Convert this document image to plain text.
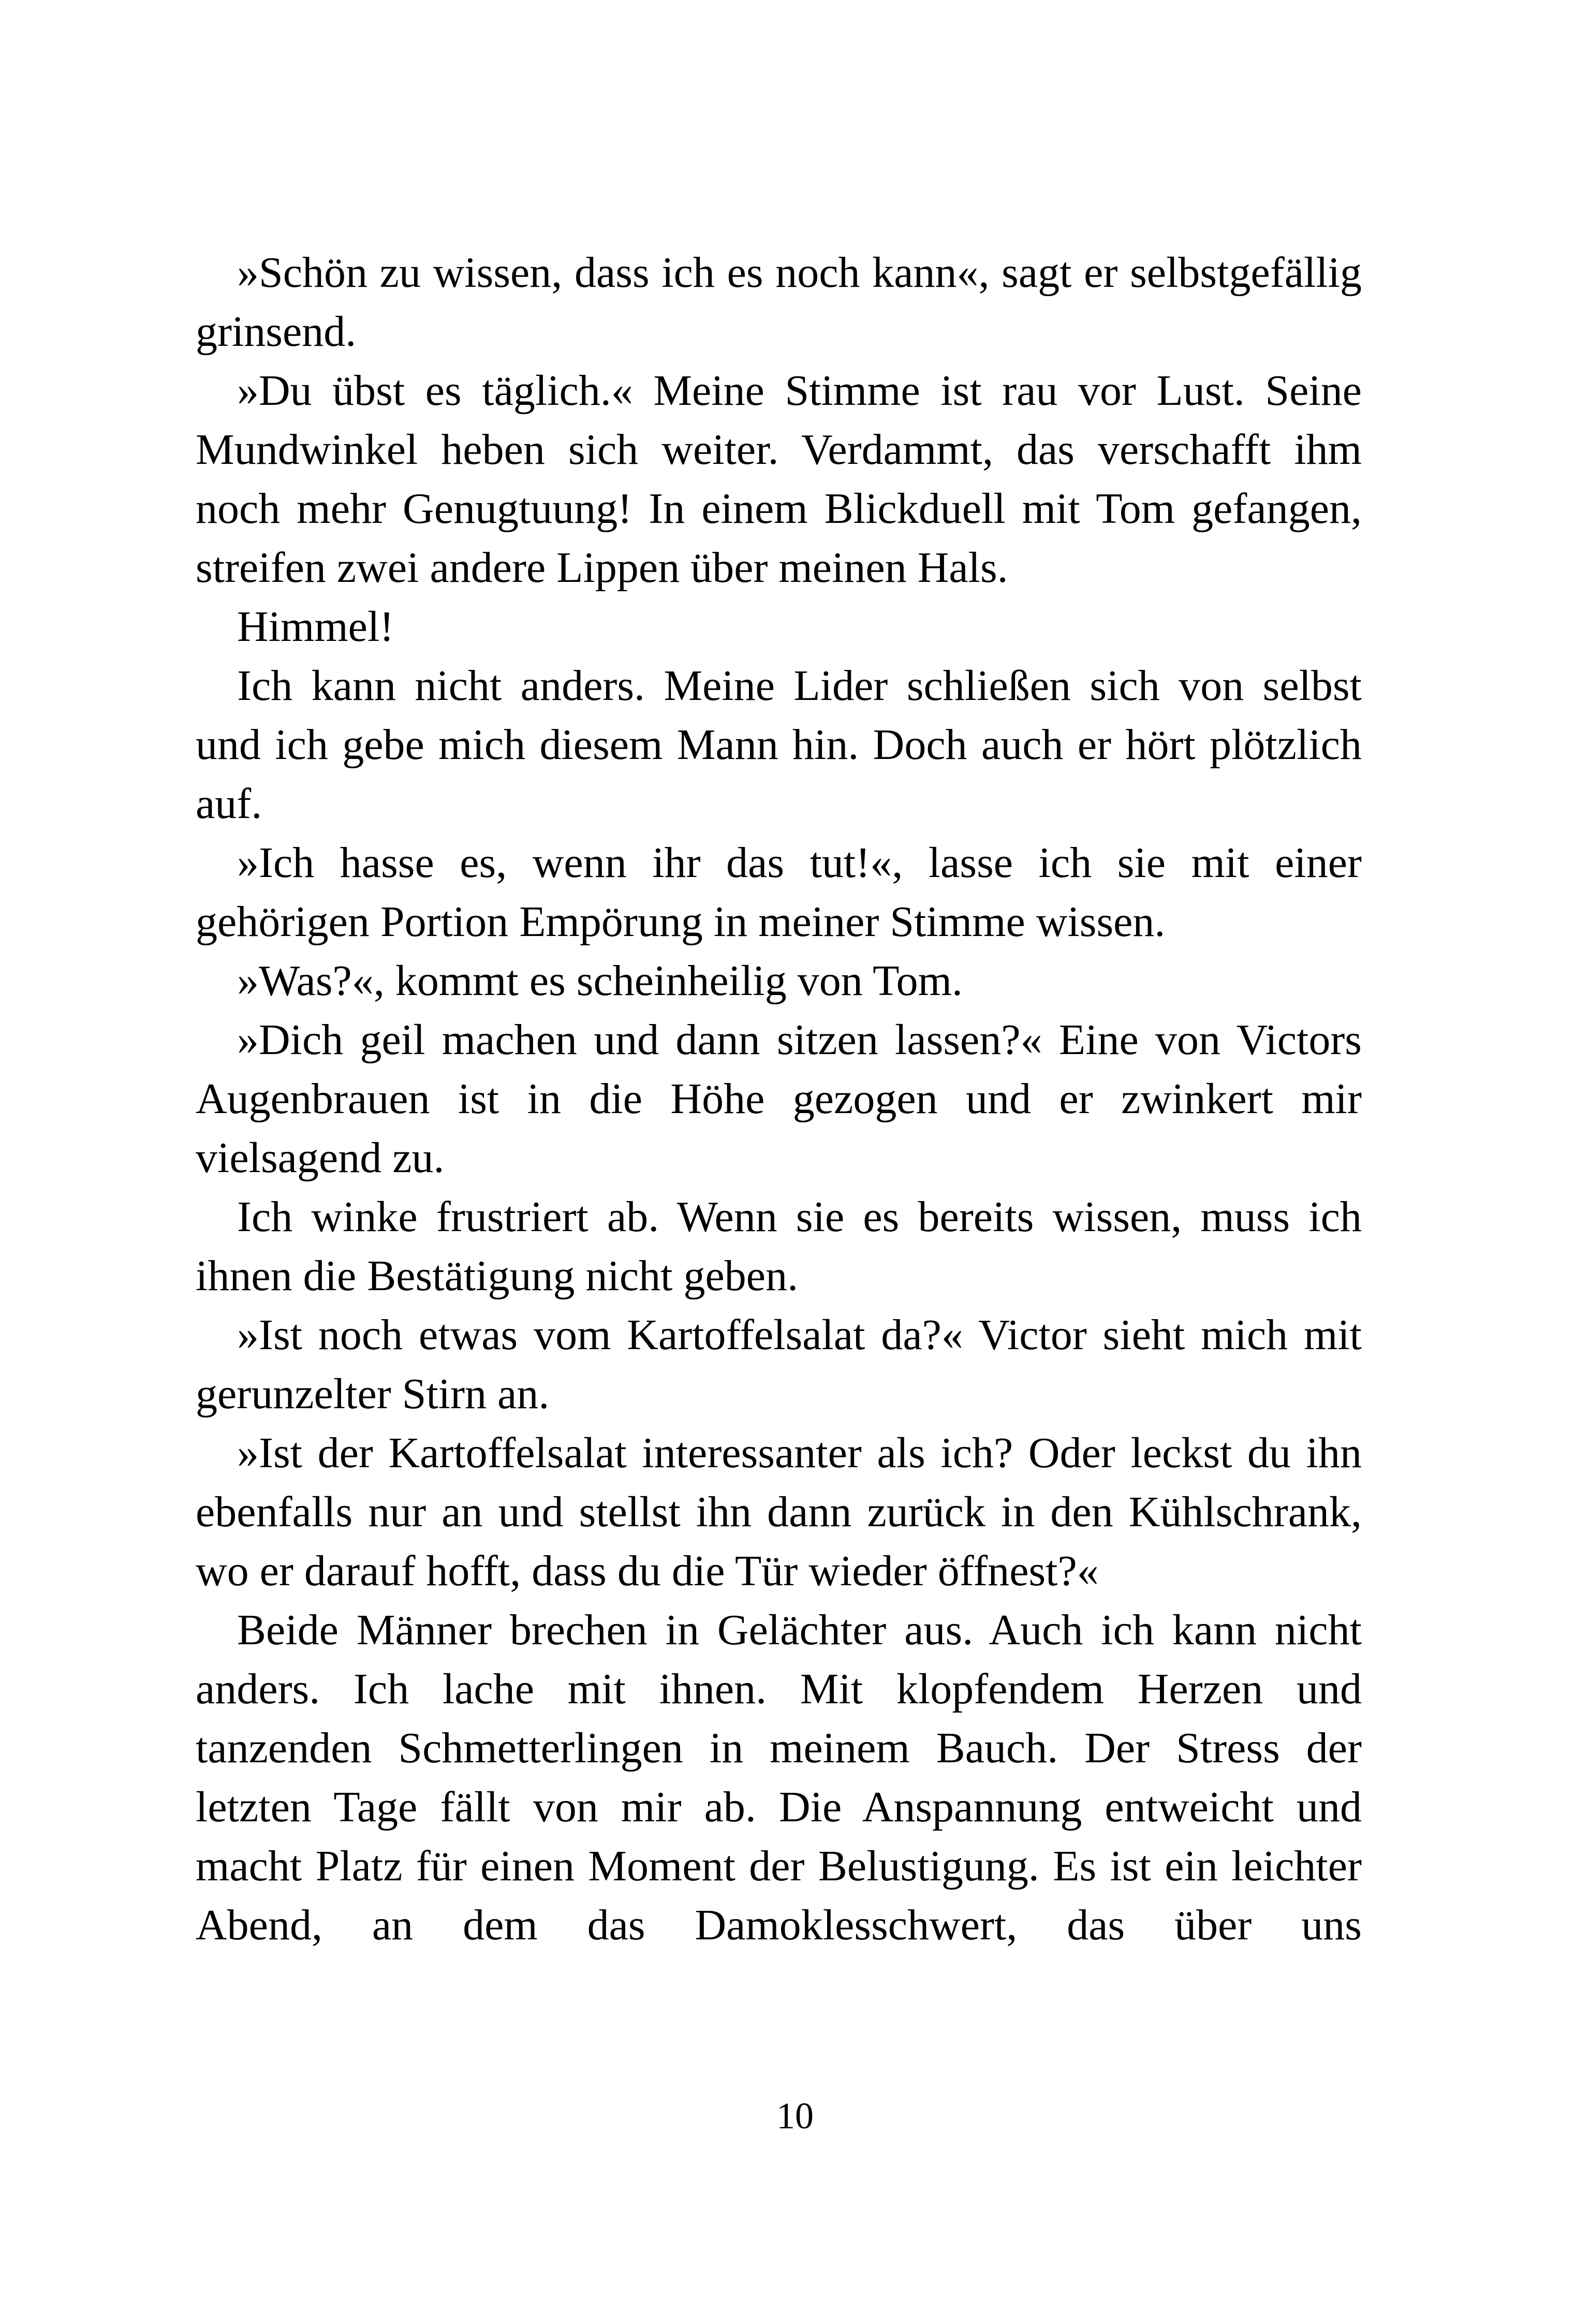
»Schön zu wissen, dass ich es noch kann«, sagt er selbstgefällig grinsend.

»Du übst es täglich.« Meine Stimme ist rau vor Lust. Seine Mundwinkel heben sich weiter. Verdammt, das verschafft ihm noch mehr Genugtuung! In einem Blickduell mit Tom gefangen, streifen zwei andere Lippen über meinen Hals.

Himmel!

Ich kann nicht anders. Meine Lider schließen sich von selbst und ich gebe mich diesem Mann hin. Doch auch er hört plötzlich auf.

»Ich hasse es, wenn ihr das tut!«, lasse ich sie mit einer gehörigen Portion Empörung in meiner Stimme wissen.

»Was?«, kommt es scheinheilig von Tom.

»Dich geil machen und dann sitzen lassen?« Eine von Victors Augenbrauen ist in die Höhe gezogen und er zwinkert mir vielsagend zu.

Ich winke frustriert ab. Wenn sie es bereits wissen, muss ich ihnen die Bestätigung nicht geben.

»Ist noch etwas vom Kartoffelsalat da?« Victor sieht mich mit gerunzelter Stirn an.

»Ist der Kartoffelsalat interessanter als ich? Oder leckst du ihn ebenfalls nur an und stellst ihn dann zurück in den Kühlschrank, wo er darauf hofft, dass du die Tür wieder öffnest?«

Beide Männer brechen in Gelächter aus. Auch ich kann nicht anders. Ich lache mit ihnen. Mit klopfendem Herzen und tanzenden Schmetterlingen in meinem Bauch. Der Stress der letzten Tage fällt von mir ab. Die Anspannung entweicht und macht Platz für einen Moment der Belustigung. Es ist ein leichter Abend, an dem das Damoklesschwert, das über uns

10
